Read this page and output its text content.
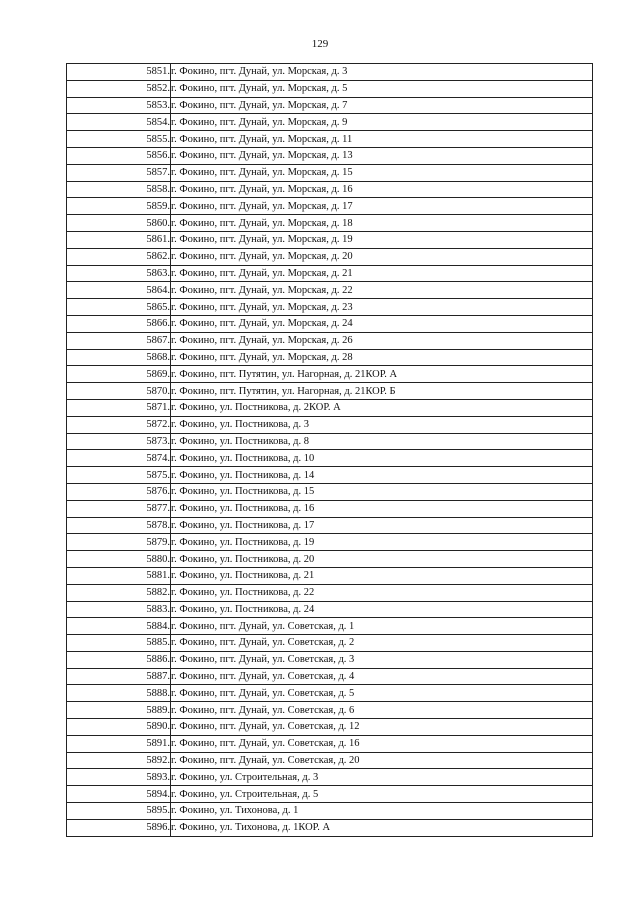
129
5851.	г. Фокино, пгт. Дунай, ул. Морская, д. 3
5852.	г. Фокино, пгт. Дунай, ул. Морская, д. 5
5853.	г. Фокино, пгт. Дунай, ул. Морская, д. 7
5854.	г. Фокино, пгт. Дунай, ул. Морская, д. 9
5855.	г. Фокино, пгт. Дунай, ул. Морская, д. 11
5856.	г. Фокино, пгт. Дунай, ул. Морская, д. 13
5857.	г. Фокино, пгт. Дунай, ул. Морская, д. 15
5858.	г. Фокино, пгт. Дунай, ул. Морская, д. 16
5859.	г. Фокино, пгт. Дунай, ул. Морская, д. 17
5860.	г. Фокино, пгт. Дунай, ул. Морская, д. 18
5861.	г. Фокино, пгт. Дунай, ул. Морская, д. 19
5862.	г. Фокино, пгт. Дунай, ул. Морская, д. 20
5863.	г. Фокино, пгт. Дунай, ул. Морская, д. 21
5864.	г. Фокино, пгт. Дунай, ул. Морская, д. 22
5865.	г. Фокино, пгт. Дунай, ул. Морская, д. 23
5866.	г. Фокино, пгт. Дунай, ул. Морская, д. 24
5867.	г. Фокино, пгт. Дунай, ул. Морская, д. 26
5868.	г. Фокино, пгт. Дунай, ул. Морская, д. 28
5869.	г. Фокино, пгт. Путятин, ул. Нагорная, д. 21КОР. А
5870.	г. Фокино, пгт. Путятин, ул. Нагорная, д. 21КОР. Б
5871.	г. Фокино, ул. Постникова, д. 2КОР. А
5872.	г. Фокино, ул. Постникова, д. 3
5873.	г. Фокино, ул. Постникова, д. 8
5874.	г. Фокино, ул. Постникова, д. 10
5875.	г. Фокино, ул. Постникова, д. 14
5876.	г. Фокино, ул. Постникова, д. 15
5877.	г. Фокино, ул. Постникова, д. 16
5878.	г. Фокино, ул. Постникова, д. 17
5879.	г. Фокино, ул. Постникова, д. 19
5880.	г. Фокино, ул. Постникова, д. 20
5881.	г. Фокино, ул. Постникова, д. 21
5882.	г. Фокино, ул. Постникова, д. 22
5883.	г. Фокино, ул. Постникова, д. 24
5884.	г. Фокино, пгт. Дунай, ул. Советская, д. 1
5885.	г. Фокино, пгт. Дунай, ул. Советская, д. 2
5886.	г. Фокино, пгт. Дунай, ул. Советская, д. 3
5887.	г. Фокино, пгт. Дунай, ул. Советская, д. 4
5888.	г. Фокино, пгт. Дунай, ул. Советская, д. 5
5889.	г. Фокино, пгт. Дунай, ул. Советская, д. 6
5890.	г. Фокино, пгт. Дунай, ул. Советская, д. 12
5891.	г. Фокино, пгт. Дунай, ул. Советская, д. 16
5892.	г. Фокино, пгт. Дунай, ул. Советская, д. 20
5893.	г. Фокино, ул. Строительная, д. 3
5894.	г. Фокино, ул. Строительная, д. 5
5895.	г. Фокино, ул. Тихонова, д. 1
5896.	г. Фокино, ул. Тихонова, д. 1КОР. А
